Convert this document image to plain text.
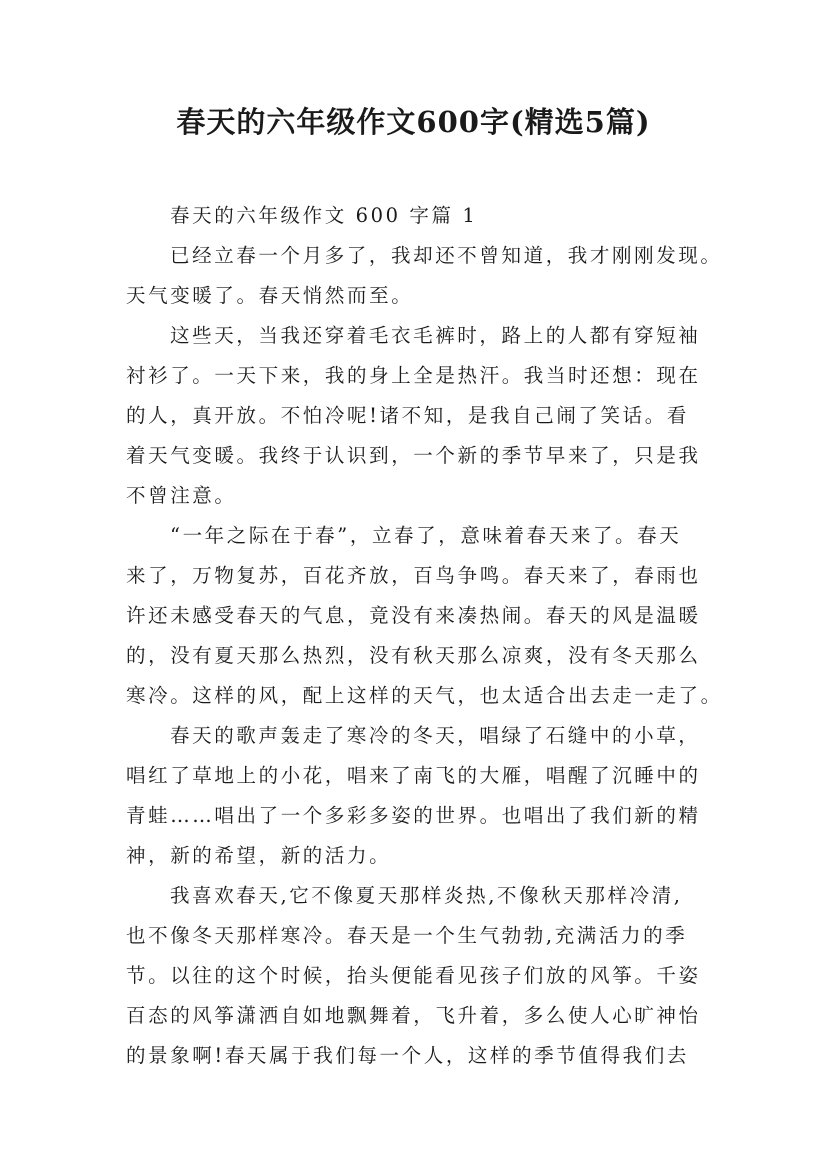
春天的六年级作文600字(精选5篇)

春天的六年级作文 600 字篇 1

已经立春一个月多了，我却还不曾知道，我才刚刚发现。
天气变暖了。春天悄然而至。

这些天，当我还穿着毛衣毛裤时，路上的人都有穿短袖
衬衫了。一天下来，我的身上全是热汗。我当时还想：现在
的人，真开放。不怕冷呢!诸不知，是我自己闹了笑话。看
着天气变暖。我终于认识到，一个新的季节早来了，只是我
不曾注意。

“一年之际在于春”，立春了，意味着春天来了。春天
来了，万物复苏，百花齐放，百鸟争鸣。春天来了，春雨也
许还未感受春天的气息，竟没有来凑热闹。春天的风是温暖
的，没有夏天那么热烈，没有秋天那么凉爽，没有冬天那么
寒冷。这样的风，配上这样的天气，也太适合出去走一走了。

春天的歌声轰走了寒冷的冬天，唱绿了石缝中的小草，
唱红了草地上的小花，唱来了南飞的大雁，唱醒了沉睡中的
青蛙……唱出了一个多彩多姿的世界。也唱出了我们新的精
神，新的希望，新的活力。

我喜欢春天,它不像夏天那样炎热,不像秋天那样冷清,
也不像冬天那样寒冷。春天是一个生气勃勃,充满活力的季
节。以往的这个时候，抬头便能看见孩子们放的风筝。千姿
百态的风筝潇洒自如地飘舞着，飞升着，多么使人心旷神怡
的景象啊!春天属于我们每一个人，这样的季节值得我们去
